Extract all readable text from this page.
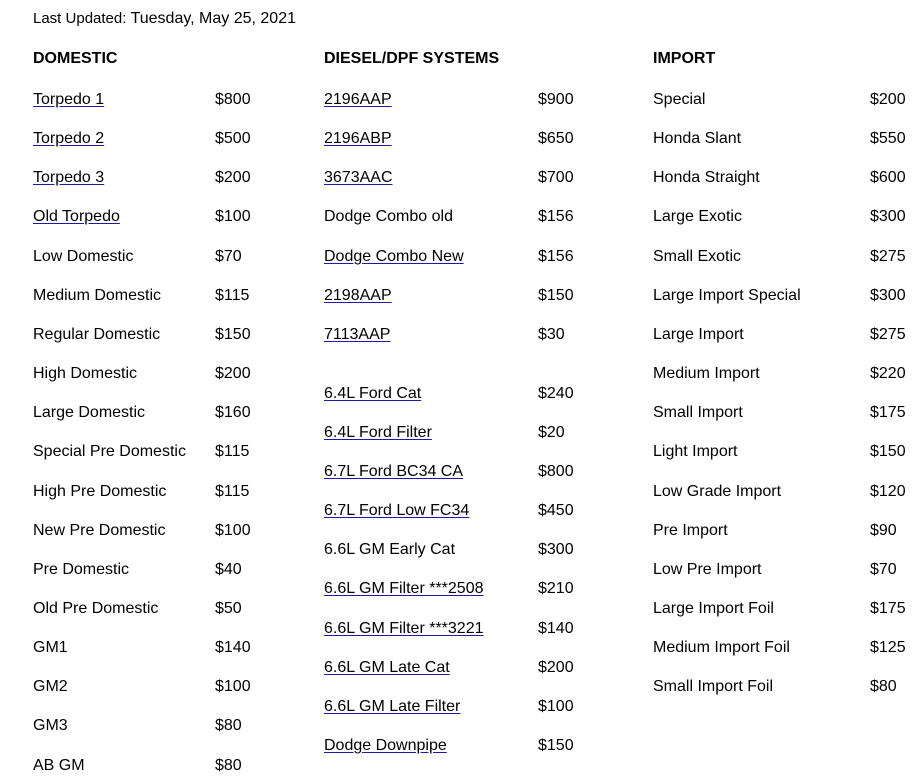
Last Updated: Tuesday, May 25, 2021
DOMESTIC
Torpedo 1	$800
Torpedo 2	$500
Torpedo 3	$200
Old Torpedo	$100
Low Domestic	$70
Medium Domestic	$115
Regular Domestic	$150
High Domestic	$200
Large Domestic	$160
Special Pre Domestic $115
High Pre Domestic	$115
New Pre Domestic	$100
Pre Domestic	$40
Old Pre Domestic	$50
GM1	$140
GM2	$100
GM3	$80
AB GM	$80
DIESEL/DPF SYSTEMS
2196AAP	$900
2196ABP	$650
3673AAC	$700
Dodge Combo old	$156
Dodge Combo New	$156
2198AAP	$150
7113AAP	$30
6.4L Ford Cat	$240
6.4L Ford Filter	$20
6.7L Ford BC34 CA	$800
6.7L Ford Low FC34	$450
6.6L GM Early Cat	$300
6.6L GM Filter ***2508	$210
6.6L GM Filter ***3221	$140
6.6L GM Late Cat	$200
6.6L GM Late Filter	$100
Dodge Downpipe	$150
IMPORT
Special	$200
Honda Slant	$550
Honda Straight	$600
Large Exotic	$300
Small Exotic	$275
Large Import Special	$300
Large Import	$275
Medium Import	$220
Small Import	$175
Light Import	$150
Low Grade Import	$120
Pre Import	$90
Low Pre Import	$70
Large Import Foil	$175
Medium Import Foil	$125
Small Import Foil	$80
